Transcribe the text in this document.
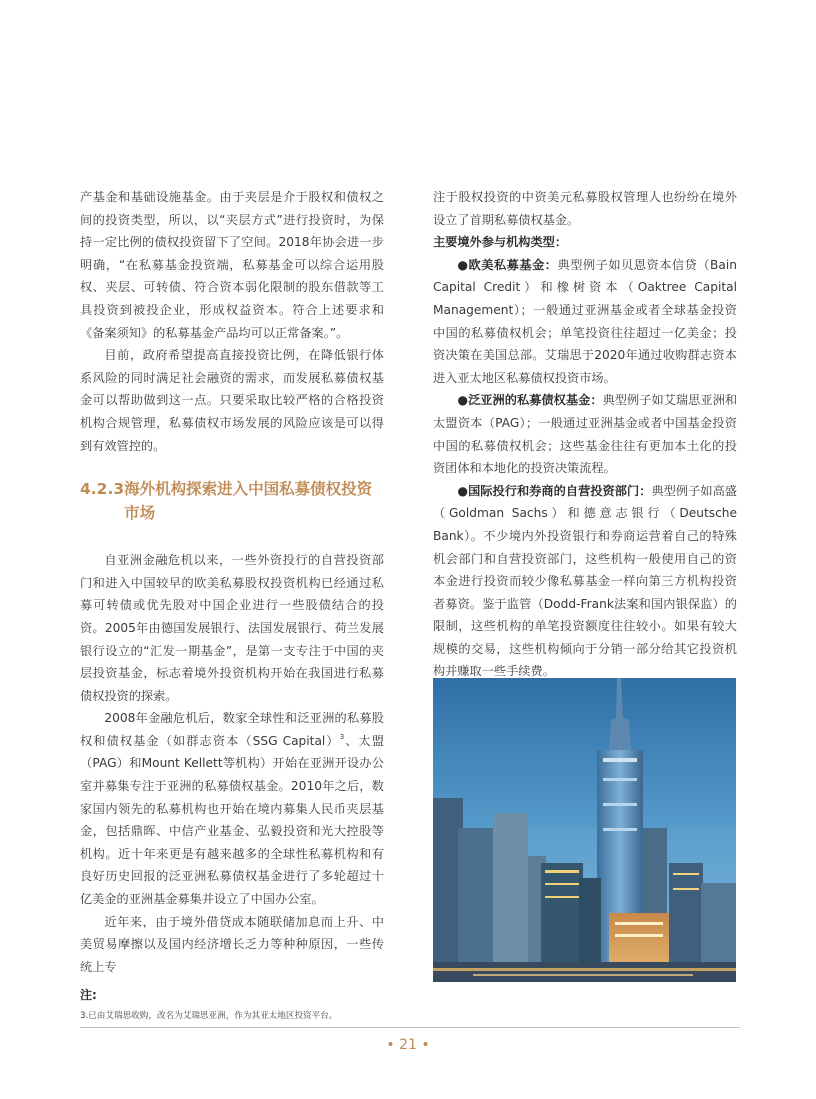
产基金和基础设施基金。由于夹层是介于股权和债权之间的投资类型，所以，以“夹层方式”进行投资时，为保持一定比例的债权投资留下了空间。2018年协会进一步明确，“在私募基金投资端，私募基金可以综合运用股权、夹层、可转债、符合资本弱化限制的股东借款等工具投资到被投企业，形成权益资本。符合上述要求和《备案须知》的私募基金产品均可以正常备案。”。

目前，政府希望提高直接投资比例，在降低银行体系风险的同时满足社会融资的需求，而发展私募债权基金可以帮助做到这一点。只要采取比较严格的合格投资机构合规管理，私募债权市场发展的风险应该是可以得到有效管控的。

4.2.3 海外机构探索进入中国私募债权投资市场

自亚洲金融危机以来，一些外资投行的自营投资部门和进入中国较早的欧美私募股权投资机构已经通过私募可转债或优先股对中国企业进行一些股债结合的投资。2005年由德国发展银行、法国发展银行、荷兰发展银行设立的“汇发一期基金”，是第一支专注于中国的夹层投资基金，标志着境外投资机构开始在我国进行私募债权投资的探索。

2008年金融危机后，数家全球性和泛亚洲的私募股权和债权基金（如群志资本（SSG Capital）$^3$、太盟（PAG）和Mount Kellett等机构）开始在亚洲开设办公室并募集专注于亚洲的私募债权基金。2010年之后，数家国内领先的私募机构也开始在境内募集人民币夹层基金，包括鼎晖、中信产业基金、弘毅投资和光大控股等机构。近十年来更是有越来越多的全球性私募机构和有良好历史回报的泛亚洲私募债权基金进行了多轮超过十亿美金的亚洲基金募集并设立了中国办公室。

近年来，由于境外借贷成本随联储加息而上升、中美贸易摩擦以及国内经济增长乏力等种种原因，一些传统上专

注于股权投资的中资美元私募股权管理人也纷纷在境外设立了首期私募债权基金。

主要境外参与机构类型：

●欧美私募基金：典型例子如贝恩资本信贷（Bain Capital Credit）和橡树资本（Oaktree Capital Management）；一般通过亚洲基金或者全球基金投资中国的私募债权机会；单笔投资往往超过一亿美金；投资决策在美国总部。艾瑞思于2020年通过收购群志资本进入亚太地区私募债权投资市场。

●泛亚洲的私募债权基金：典型例子如艾瑞思亚洲和太盟资本（PAG）；一般通过亚洲基金或者中国基金投资中国的私募债权机会；这些基金往往有更加本土化的投资团体和本地化的投资决策流程。

●国际投行和券商的自营投资部门：典型例子如高盛（Goldman Sachs）和德意志银行（Deutsche Bank）。不少境内外投资银行和券商运营着自己的特殊机会部门和自营投资部门，这些机构一般使用自己的资本金进行投资而较少像私募基金一样向第三方机构投资者募资。鉴于监管（Dodd-Frank法案和国内银保监）的限制，这些机构的单笔投资额度往往较小。如果有较大规模的交易，这些机构倾向于分销一部分给其它投资机构并赚取一些手续费。

注:
3.已由艾瑞思收购，改名为艾瑞思亚洲，作为其亚太地区投资平台。
• 21 •
